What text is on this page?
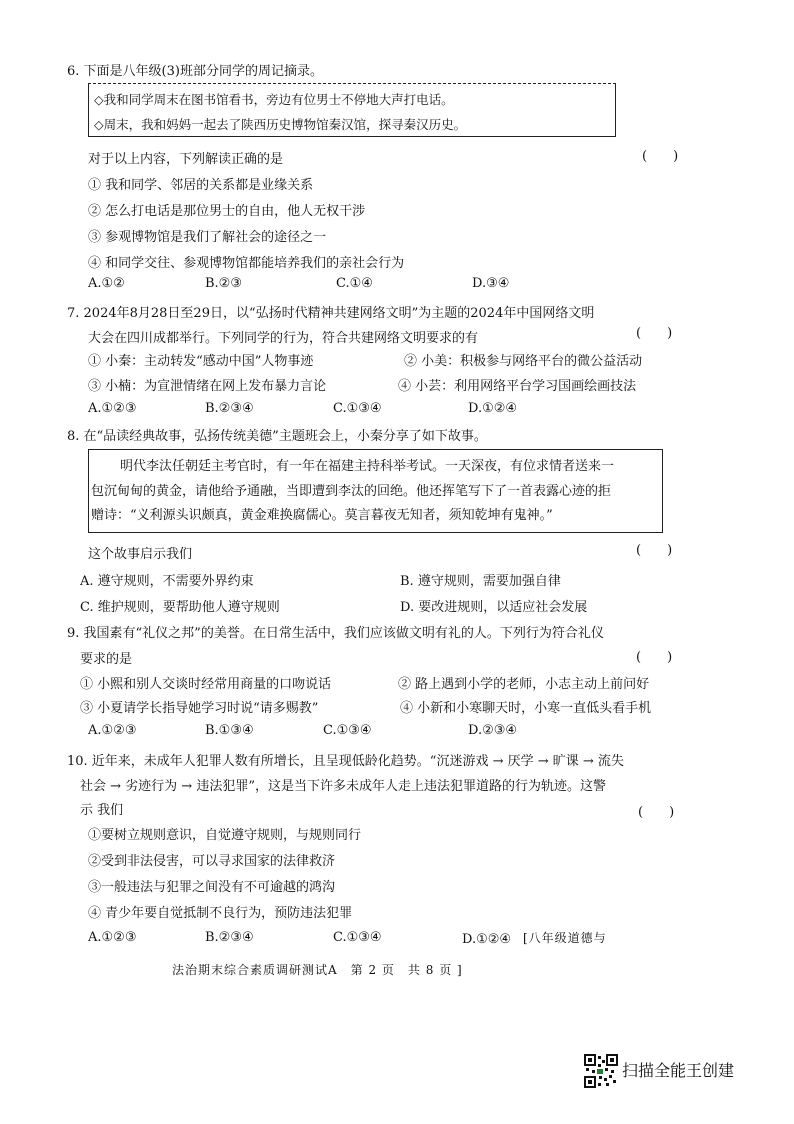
6. 下面是八年级(3)班部分同学的周记摘录。
◇我和同学周末在图书馆看书，旁边有位男士不停地大声打电话。
◇周末，我和妈妈一起去了陕西历史博物馆秦汉馆，探寻秦汉历史。
对于以上内容，下列解读正确的是	(　　)
① 我和同学、邻居的关系都是业缘关系
② 怎么打电话是那位男士的自由，他人无权干涉
③ 参观博物馆是我们了解社会的途径之一
④ 和同学交往、参观博物馆都能培养我们的亲社会行为
A.①②	B.②③	C.①④	D.③④
7. 2024年8月28日至29日，以“弘扬时代精神共建网络文明”为主题的2024年中国网络文明
大会在四川成都举行。下列同学的行为，符合共建网络文明要求的有	(　　)
① 小秦：主动转发“感动中国”人物事迹	② 小美：积极参与网络平台的微公益活动
③ 小楠：为宣泄情绪在网上发布暴力言论	④ 小芸：利用网络平台学习国画绘画技法
A.①②③	B.②③④	C.①③④	D.①②④
8. 在“品读经典故事，弘扬传统美德”主题班会上，小秦分享了如下故事。
明代李汰任朝廷主考官时，有一年在福建主持科举考试。一天深夜，有位求情者送来一
包沉甸甸的黄金，请他给予通融，当即遭到李汰的回绝。他还挥笔写下了一首表露心迹的拒
赠诗：“义利源头识颇真，黄金难换腐儒心。莫言暮夜无知者，须知乾坤有鬼神。”
这个故事启示我们	(　　)
A. 遵守规则，不需要外界约束	B. 遵守规则，需要加强自律
C. 维护规则，要帮助他人遵守规则	D. 要改进规则，以适应社会发展
9. 我国素有“礼仪之邦”的美誉。在日常生活中，我们应该做文明有礼的人。下列行为符合礼仪
要求的是	(　　)
① 小熙和别人交谈时经常用商量的口吻说话	② 路上遇到小学的老师，小志主动上前问好
③ 小夏请学长指导她学习时说“请多赐教”	④ 小新和小寒聊天时，小寒一直低头看手机
A.①②③	B.①③④	C.①③④	D.②③④
10. 近年来，未成年人犯罪人数有所增长，且呈现低龄化趋势。“沉迷游戏 → 厌学 → 旷课 → 流失
社会 → 劣迹行为 → 违法犯罪”，这是当下许多未成年人走上违法犯罪道路的行为轨迹。这警
示 我们	(　　)
①要树立规则意识，自觉遵守规则，与规则同行
②受到非法侵害，可以寻求国家的法律救济
③一般违法与犯罪之间没有不可逾越的鸿沟
④ 青少年要自觉抵制不良行为，预防违法犯罪
A.①②③	B.②③④	C.①③④	D.①②④ [八年级道德与
法治期末综合素质调研测试A　第 2 页　共 8 页 ]
扫描全能王创建
